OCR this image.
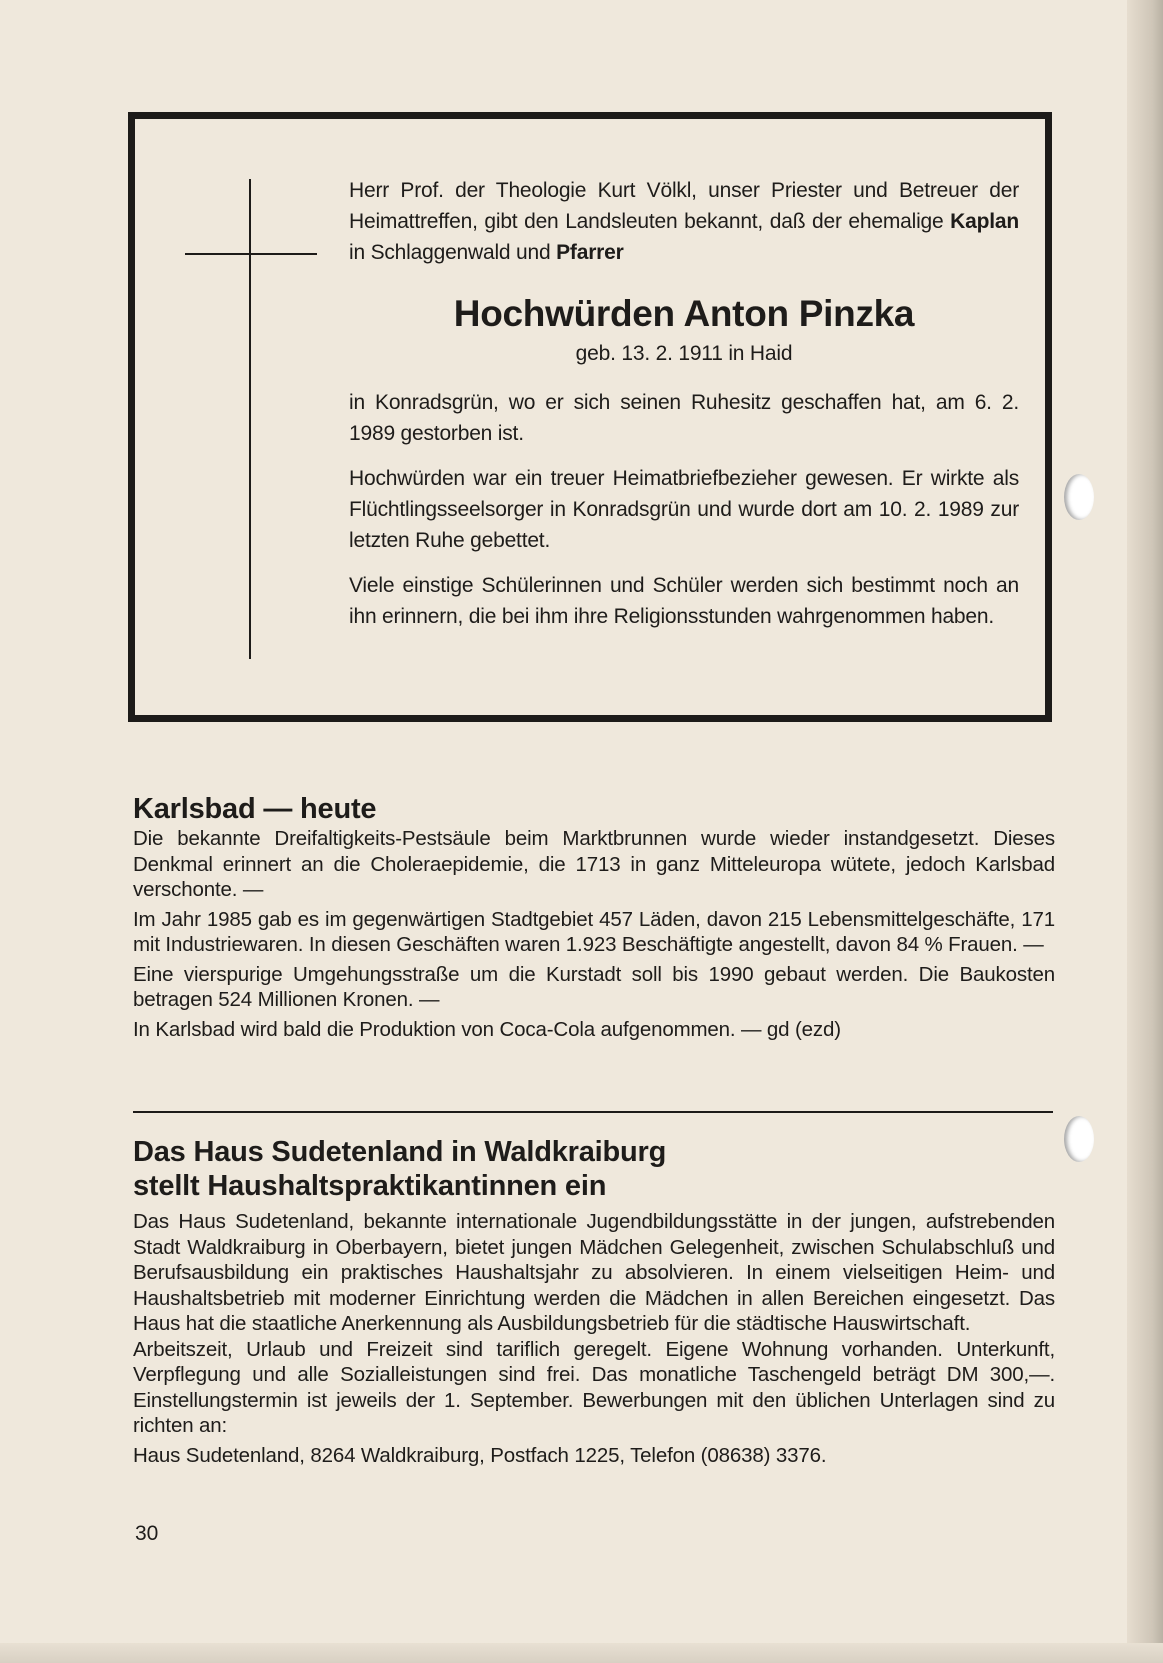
Herr Prof. der Theologie Kurt Völkl, unser Priester und Betreuer der Heimattreffen, gibt den Landsleuten bekannt, daß der ehemalige Kaplan in Schlaggenwald und Pfarrer

Hochwürden Anton Pinzka
geb. 13. 2. 1911 in Haid

in Konradsgrün, wo er sich seinen Ruhesitz geschaffen hat, am 6. 2. 1989 gestorben ist.

Hochwürden war ein treuer Heimatbriefbezieher gewesen. Er wirkte als Flüchtlingsseelsorger in Konradsgrün und wurde dort am 10. 2. 1989 zur letzten Ruhe gebettet.

Viele einstige Schülerinnen und Schüler werden sich bestimmt noch an ihn erinnern, die bei ihm ihre Religionsstunden wahrgenommen haben.

Karlsbad — heute

Die bekannte Dreifaltigkeits-Pestsäule beim Marktbrunnen wurde wieder instandgesetzt. Dieses Denkmal erinnert an die Choleraepidemie, die 1713 in ganz Mitteleuropa wütete, jedoch Karlsbad verschonte. —

Im Jahr 1985 gab es im gegenwärtigen Stadtgebiet 457 Läden, davon 215 Lebensmittelgeschäfte, 171 mit Industriewaren. In diesen Geschäften waren 1.923 Beschäftigte angestellt, davon 84 % Frauen. —

Eine vierspurige Umgehungsstraße um die Kurstadt soll bis 1990 gebaut werden. Die Baukosten betragen 524 Millionen Kronen. —

In Karlsbad wird bald die Produktion von Coca-Cola aufgenommen. — gd (ezd)

Das Haus Sudetenland in Waldkraiburg
stellt Haushaltspraktikantinnen ein

Das Haus Sudetenland, bekannte internationale Jugendbildungsstätte in der jungen, aufstrebenden Stadt Waldkraiburg in Oberbayern, bietet jungen Mädchen Gelegenheit, zwischen Schulabschluß und Berufsausbildung ein praktisches Haushaltsjahr zu absolvieren. In einem vielseitigen Heim- und Haushaltsbetrieb mit moderner Einrichtung werden die Mädchen in allen Bereichen eingesetzt. Das Haus hat die staatliche Anerkennung als Ausbildungsbetrieb für die städtische Hauswirtschaft.

Arbeitszeit, Urlaub und Freizeit sind tariflich geregelt. Eigene Wohnung vorhanden. Unterkunft, Verpflegung und alle Sozialleistungen sind frei. Das monatliche Taschengeld beträgt DM 300,—. Einstellungstermin ist jeweils der 1. September. Bewerbungen mit den üblichen Unterlagen sind zu richten an:

Haus Sudetenland, 8264 Waldkraiburg, Postfach 1225, Telefon (08638) 3376.

30
